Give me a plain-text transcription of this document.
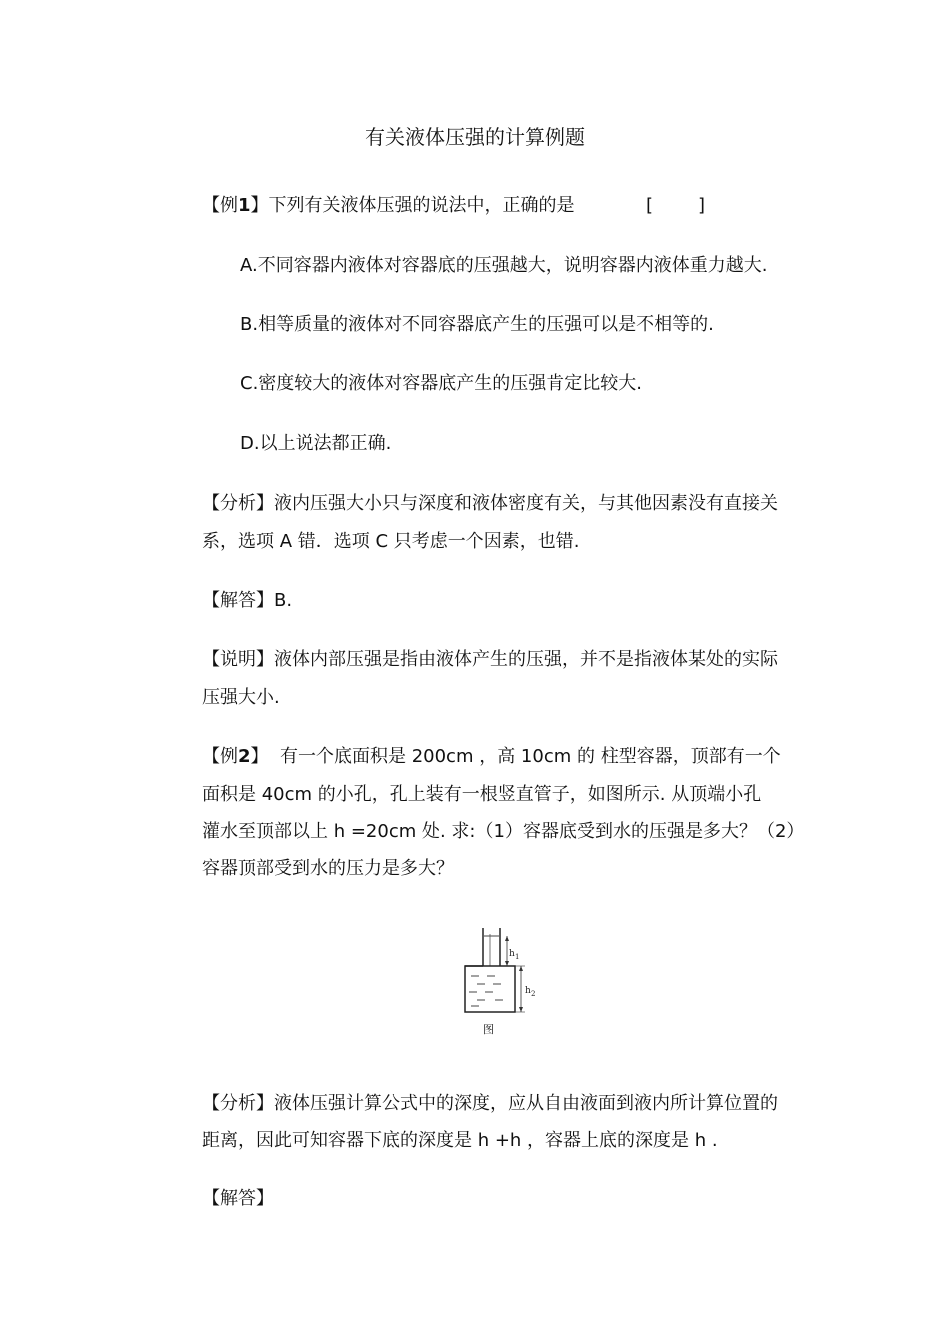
有关液体压强的计算例题
【例1】下列有关液体压强的说法中，正确的是	[ ]
A.不同容器内液体对容器底的压强越大，说明容器内液体重力越大.
B.相等质量的液体对不同容器底产生的压强可以是不相等的.
C.密度较大的液体对容器底产生的压强肯定比较大.
D.以上说法都正确.
【分析】液内压强大小只与深度和液体密度有关，与其他因素没有直接关
系，选项 A 错．选项 C 只考虑一个因素，也错.
【解答】B.
【说明】液体内部压强是指由液体产生的压强，并不是指液体某处的实际
压强大小.
【例2】 有一个底面积是 200cm ，高 10cm 的 柱型容器，顶部有一个
面积是 40cm 的小孔，孔上装有一根竖直管子，如图所示. 从顶端小孔
灌水至顶部以上 h =20cm 处. 求:（1）容器底受到水的压强是多大？（2）
容器顶部受到水的压力是多大？
h 1
h 2
图
【分析】液体压强计算公式中的深度，应从自由液面到液内所计算位置的
距离，因此可知容器下底的深度是 h +h ，容器上底的深度是 h .
【解答】
